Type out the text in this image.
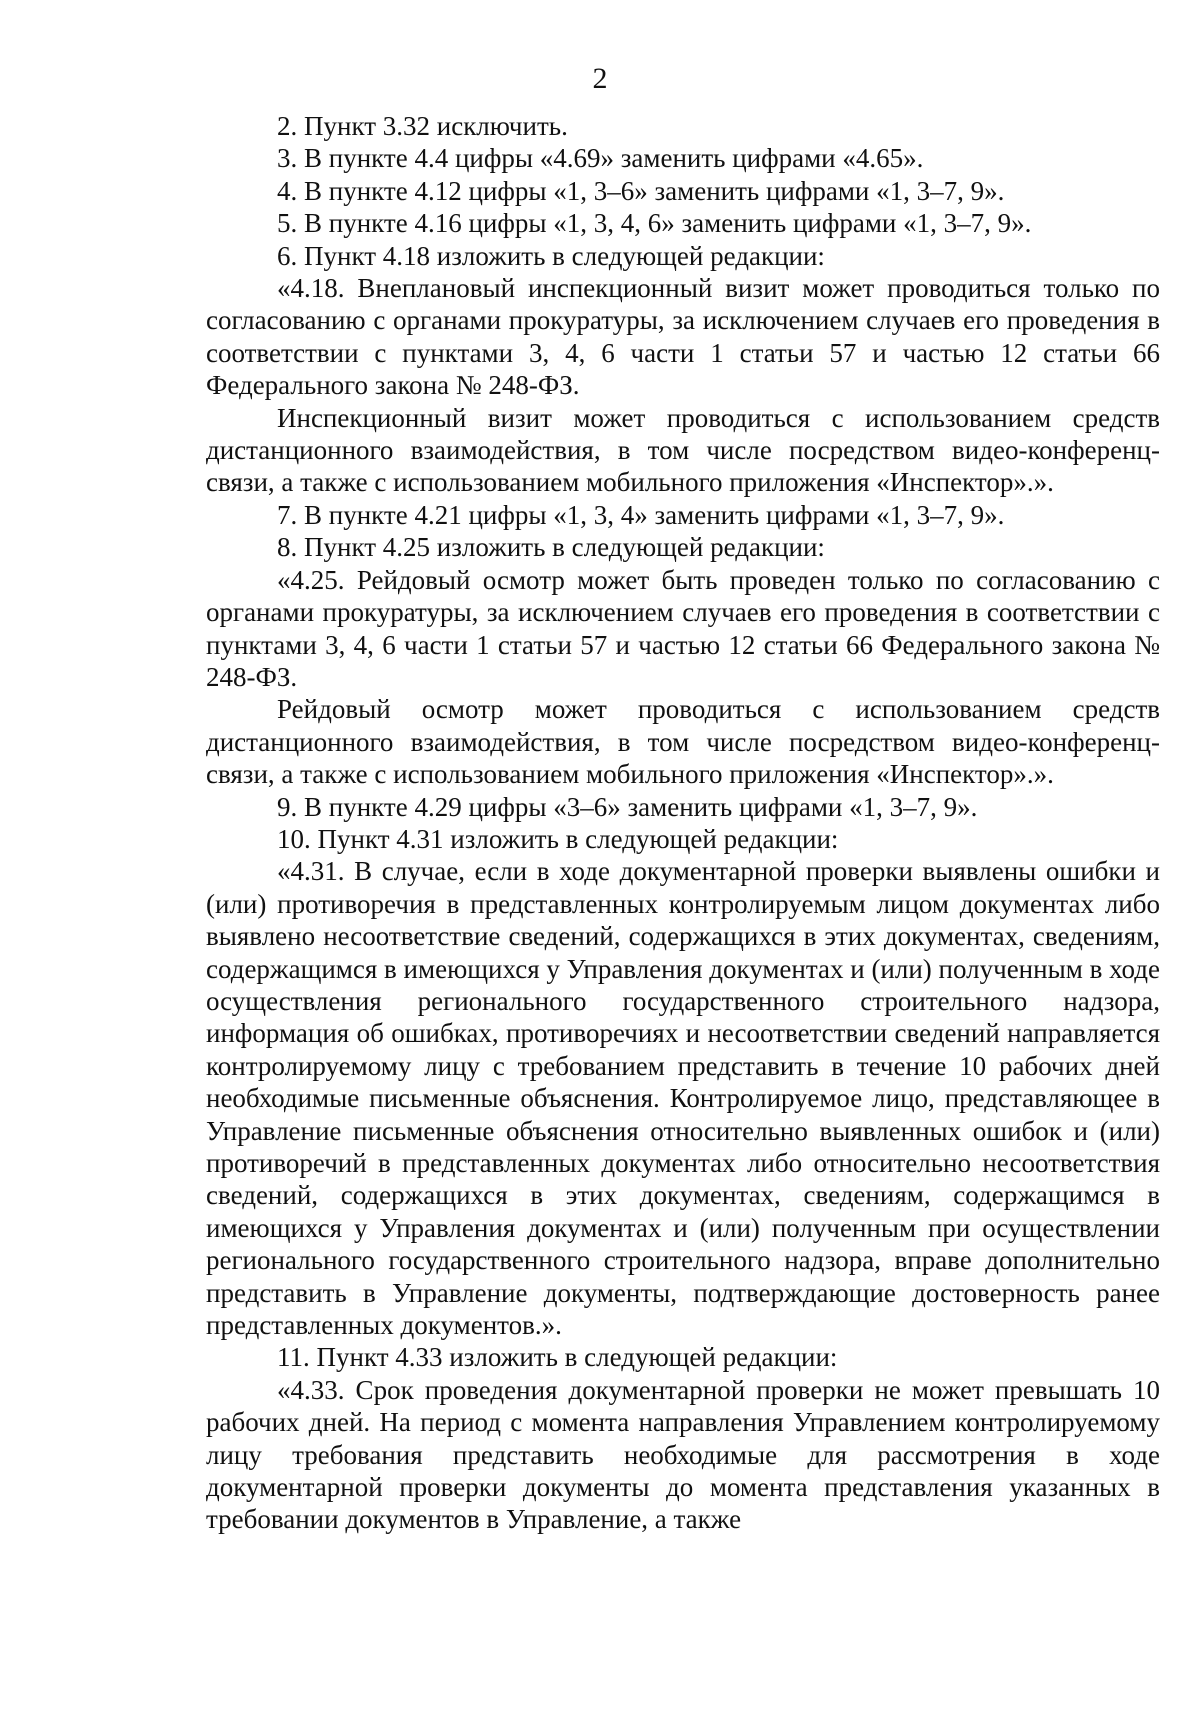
2

2. Пункт 3.32 исключить.

3. В пункте 4.4 цифры «4.69» заменить цифрами «4.65».

4. В пункте 4.12 цифры «1, 3–6» заменить цифрами «1, 3–7, 9».

5. В пункте 4.16 цифры «1, 3, 4, 6» заменить цифрами «1, 3–7, 9».

6. Пункт 4.18 изложить в следующей редакции:

«4.18. Внеплановый инспекционный визит может проводиться только по согласованию с органами прокуратуры, за исключением случаев его проведения в соответствии с пунктами 3, 4, 6 части 1 статьи 57 и частью 12 статьи 66 Федерального закона № 248-ФЗ.

Инспекционный визит может проводиться с использованием средств дистанционного взаимодействия, в том числе посредством видео-конференц-связи, а также с использованием мобильного приложения «Инспектор».».

7. В пункте 4.21 цифры «1, 3, 4» заменить цифрами «1, 3–7, 9».

8. Пункт 4.25 изложить в следующей редакции:

«4.25. Рейдовый осмотр может быть проведен только по согласованию с органами прокуратуры, за исключением случаев его проведения в соответствии с пунктами 3, 4, 6 части 1 статьи 57 и частью 12 статьи 66 Федерального закона № 248-ФЗ.

Рейдовый осмотр может проводиться с использованием средств дистанционного взаимодействия, в том числе посредством видео-конференц-связи, а также с использованием мобильного приложения «Инспектор».».

9. В пункте 4.29 цифры «3–6» заменить цифрами «1, 3–7, 9».

10. Пункт 4.31 изложить в следующей редакции:

«4.31. В случае, если в ходе документарной проверки выявлены ошибки и (или) противоречия в представленных контролируемым лицом документах либо выявлено несоответствие сведений, содержащихся в этих документах, сведениям, содержащимся в имеющихся у Управления документах и (или) полученным в ходе осуществления регионального государственного строительного надзора, информация об ошибках, противоречиях и несоответствии сведений направляется контролируемому лицу с требованием представить в течение 10 рабочих дней необходимые письменные объяснения. Контролируемое лицо, представляющее в Управление письменные объяснения относительно выявленных ошибок и (или) противоречий в представленных документах либо относительно несоответствия сведений, содержащихся в этих документах, сведениям, содержащимся в имеющихся у Управления документах и (или) полученным при осуществлении регионального государственного строительного надзора, вправе дополнительно представить в Управление документы, подтверждающие достоверность ранее представленных документов.».

11. Пункт 4.33 изложить в следующей редакции:

«4.33. Срок проведения документарной проверки не может превышать 10 рабочих дней. На период с момента направления Управлением контролируемому лицу требования представить необходимые для рассмотрения в ходе документарной проверки документы до момента представления указанных в требовании документов в Управление, а также
